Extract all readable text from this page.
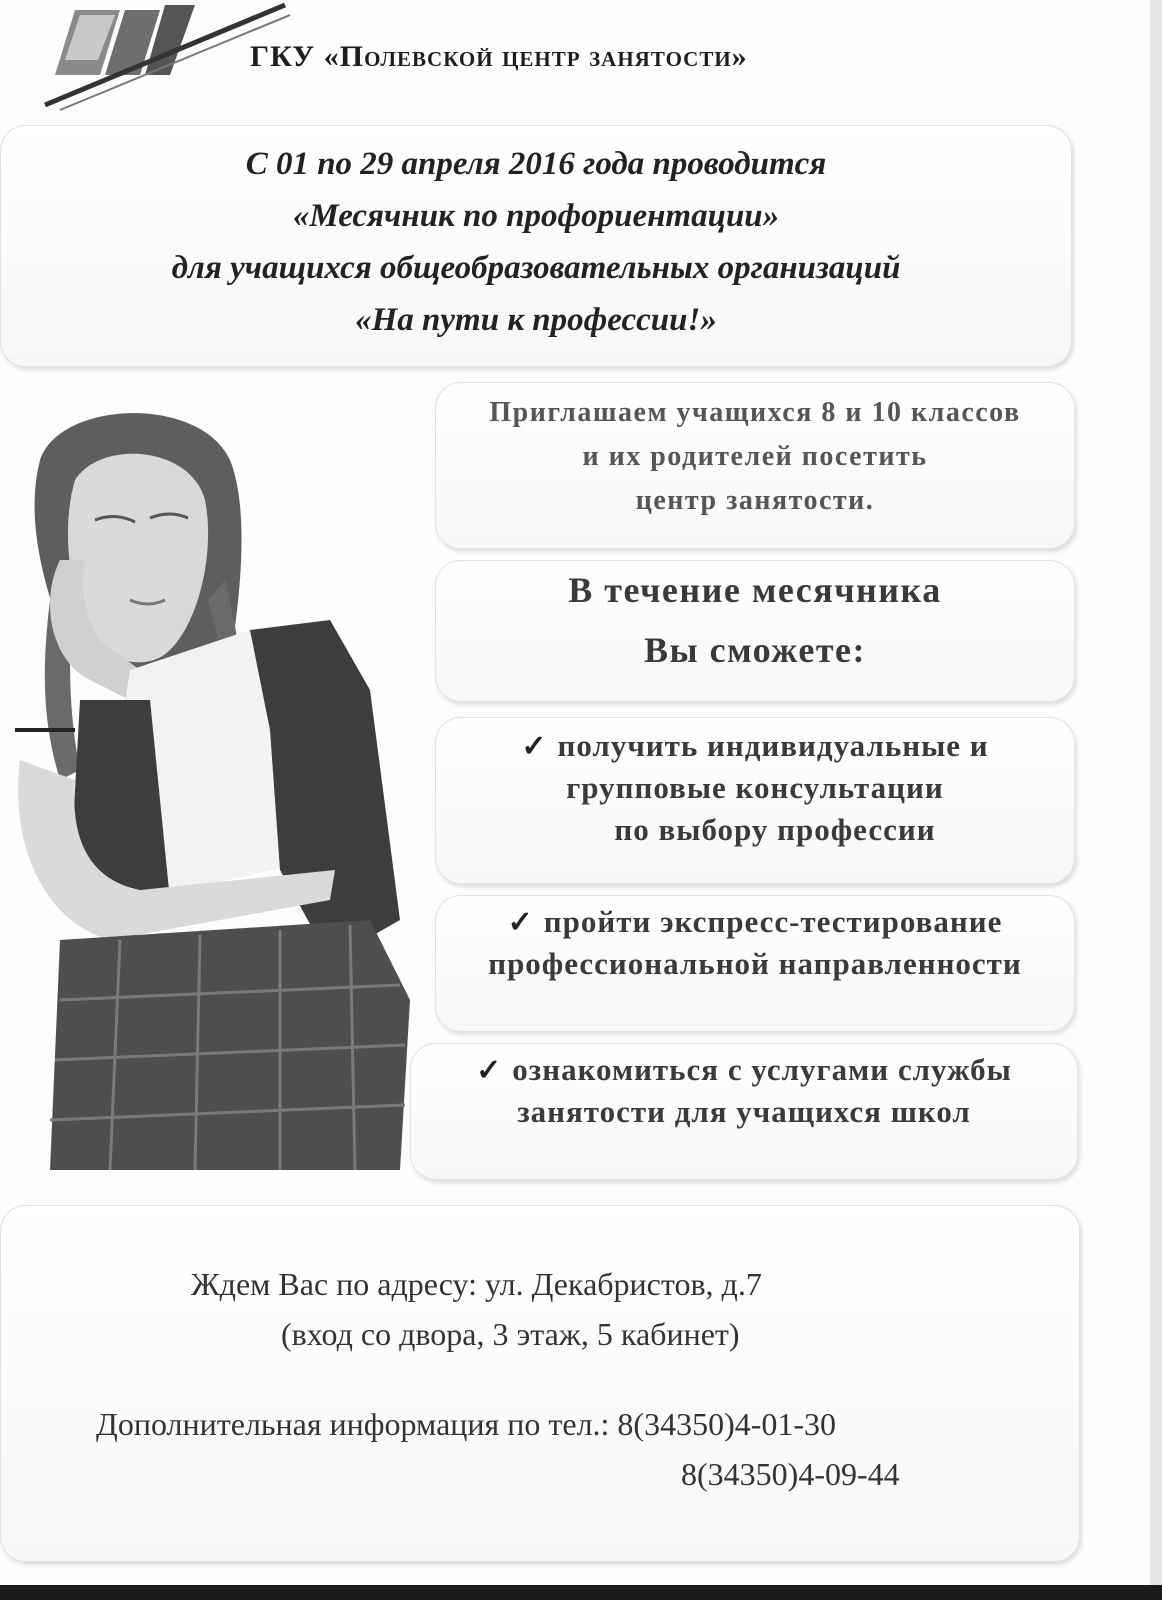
ГКУ «Полевской центр занятости»
С 01 по 29 апреля 2016 года проводится
«Месячник по профориентации»
для учащихся общеобразовательных организаций
«На пути к профессии!»
Приглашаем учащихся 8 и 10 классов
и их родителей посетить
центр занятости.
В течение месячника
Вы сможете:
✓ получить индивидуальные и
групповые консультации
по выбору профессии
✓ пройти экспресс-тестирование
профессиональной направленности
✓ ознакомиться с услугами службы
занятости для учащихся школ
Ждем Вас по адресу: ул. Декабристов, д.7
(вход со двора, 3 этаж, 5 кабинет)
Дополнительная информация по тел.: 8(34350)4-01-30
8(34350)4-09-44
